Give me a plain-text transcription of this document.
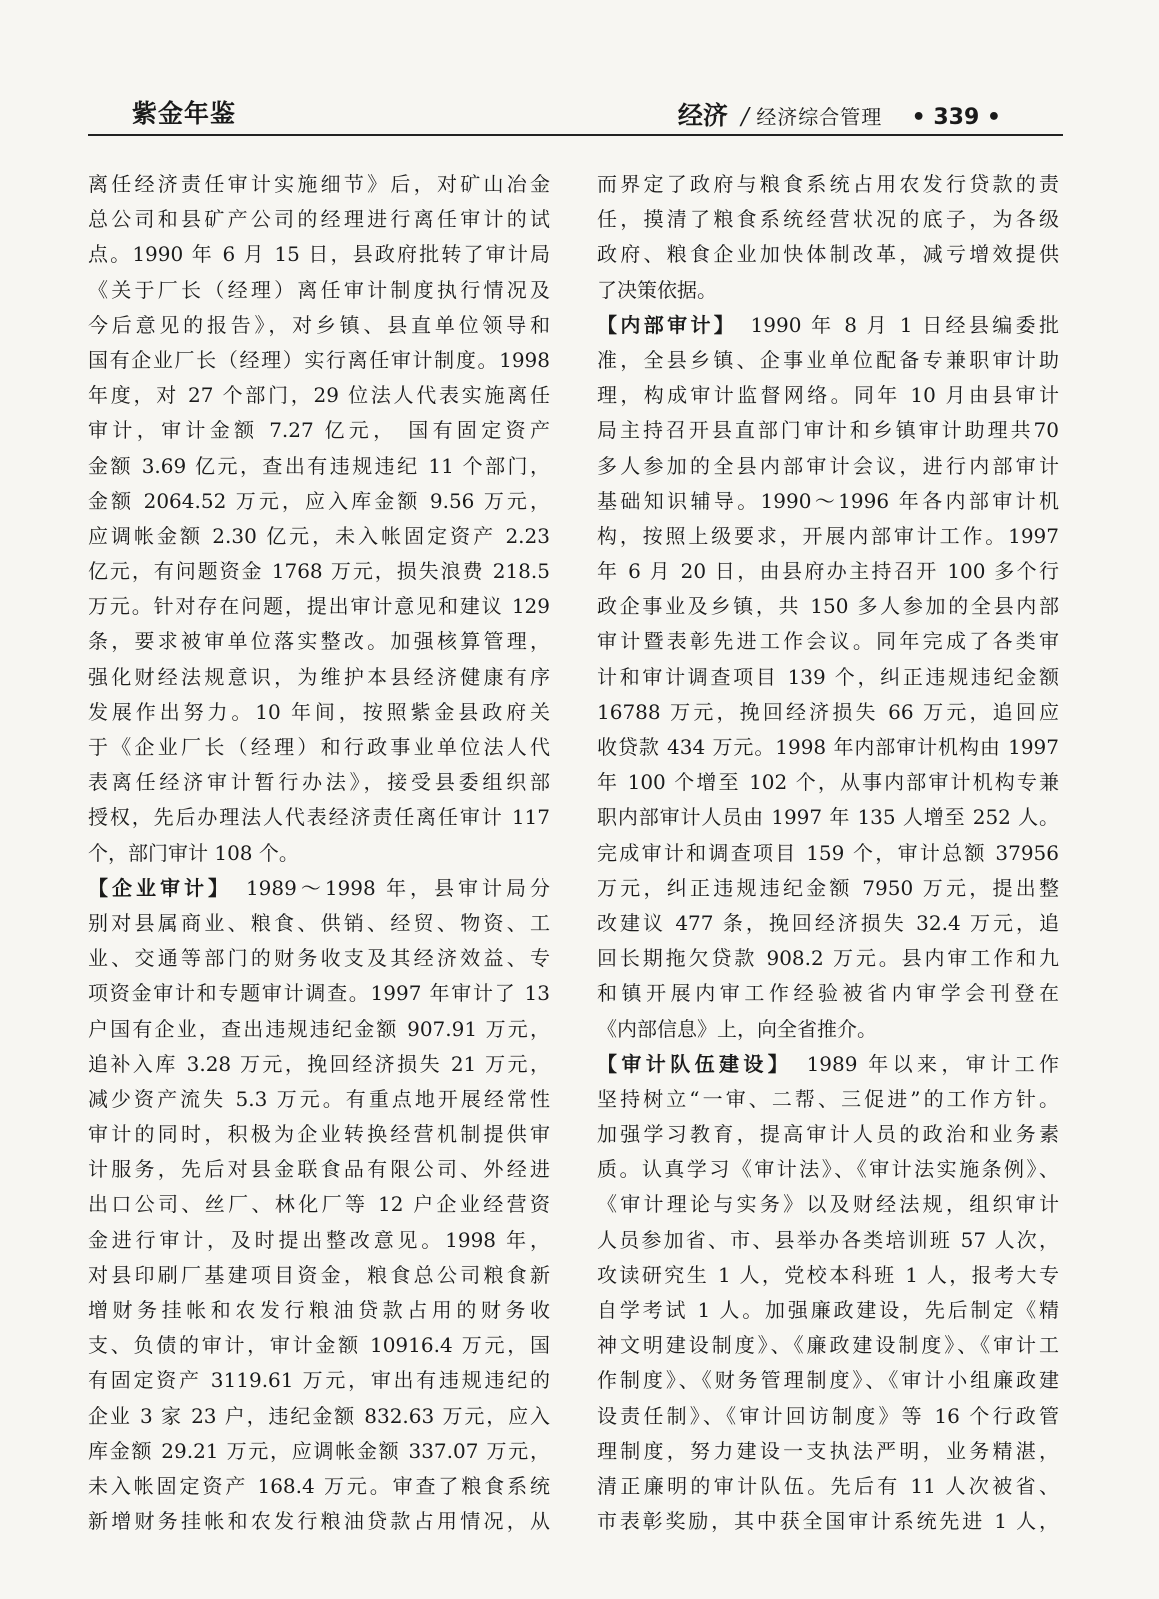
紫金年鉴	经济 / 经济综合管理 • 339 •
离任经济责任审计实施细节》后，对矿山冶金
总公司和县矿产公司的经理进行离任审计的试
点。1990 年 6 月 15 日，县政府批转了审计局
《关于厂长（经理）离任审计制度执行情况及
今后意见的报告》，对乡镇、县直单位领导和
国有企业厂长（经理）实行离任审计制度。1998
年度，对 27 个部门，29 位法人代表实施离任
审计，审计金额 7.27 亿元， 国有固定资产
金额 3.69 亿元，查出有违规违纪 11 个部门，
金额 2064.52 万元，应入库金额 9.56 万元，
应调帐金额 2.30 亿元，未入帐固定资产 2.23
亿元，有问题资金 1768 万元，损失浪费 218.5
万元。针对存在问题，提出审计意见和建议 129
条，要求被审单位落实整改。加强核算管理，
强化财经法规意识，为维护本县经济健康有序
发展作出努力。10 年间，按照紫金县政府关
于《企业厂长（经理）和行政事业单位法人代
表离任经济审计暂行办法》，接受县委组织部
授权，先后办理法人代表经济责任离任审计 117
个，部门审计 108 个。
【企业审计】　1989～1998 年，县审计局分
别对县属商业、粮食、供销、经贸、物资、工
业、交通等部门的财务收支及其经济效益、专
项资金审计和专题审计调查。1997 年审计了 13
户国有企业，查出违规违纪金额 907.91 万元，
追补入库 3.28 万元，挽回经济损失 21 万元，
减少资产流失 5.3 万元。有重点地开展经常性
审计的同时，积极为企业转换经营机制提供审
计服务，先后对县金联食品有限公司、外经进
出口公司、丝厂、林化厂等 12 户企业经营资
金进行审计，及时提出整改意见。1998 年，
对县印刷厂基建项目资金，粮食总公司粮食新
增财务挂帐和农发行粮油贷款占用的财务收
支、负债的审计，审计金额 10916.4 万元，国
有固定资产 3119.61 万元，审出有违规违纪的
企业 3 家 23 户，违纪金额 832.63 万元，应入
库金额 29.21 万元，应调帐金额 337.07 万元，
未入帐固定资产 168.4 万元。审查了粮食系统
新增财务挂帐和农发行粮油贷款占用情况，从
而界定了政府与粮食系统占用农发行贷款的责
任，摸清了粮食系统经营状况的底子，为各级
政府、粮食企业加快体制改革，减亏增效提供
了决策依据。
【内部审计】　1990 年 8 月 1 日经县编委批
准，全县乡镇、企事业单位配备专兼职审计助
理，构成审计监督网络。同年 10 月由县审计
局主持召开县直部门审计和乡镇审计助理共70
多人参加的全县内部审计会议，进行内部审计
基础知识辅导。1990～1996 年各内部审计机
构，按照上级要求，开展内部审计工作。1997
年 6 月 20 日，由县府办主持召开 100 多个行
政企事业及乡镇，共 150 多人参加的全县内部
审计暨表彰先进工作会议。同年完成了各类审
计和审计调查项目 139 个，纠正违规违纪金额
16788 万元，挽回经济损失 66 万元，追回应
收贷款 434 万元。1998 年内部审计机构由 1997
年 100 个增至 102 个，从事内部审计机构专兼
职内部审计人员由 1997 年 135 人增至 252 人。
完成审计和调查项目 159 个，审计总额 37956
万元，纠正违规违纪金额 7950 万元，提出整
改建议 477 条，挽回经济损失 32.4 万元，追
回长期拖欠贷款 908.2 万元。县内审工作和九
和镇开展内审工作经验被省内审学会刊登在
《内部信息》上，向全省推介。
【审计队伍建设】　1989 年以来，审计工作
坚持树立“一审、二帮、三促进”的工作方针。
加强学习教育，提高审计人员的政治和业务素
质。认真学习《审计法》、《审计法实施条例》、
《审计理论与实务》以及财经法规，组织审计
人员参加省、市、县举办各类培训班 57 人次，
攻读研究生 1 人，党校本科班 1 人，报考大专
自学考试 1 人。加强廉政建设，先后制定《精
神文明建设制度》、《廉政建设制度》、《审计工
作制度》、《财务管理制度》、《审计小组廉政建
设责任制》、《审计回访制度》等 16 个行政管
理制度，努力建设一支执法严明，业务精湛，
清正廉明的审计队伍。先后有 11 人次被省、
市表彰奖励，其中获全国审计系统先进 1 人，
